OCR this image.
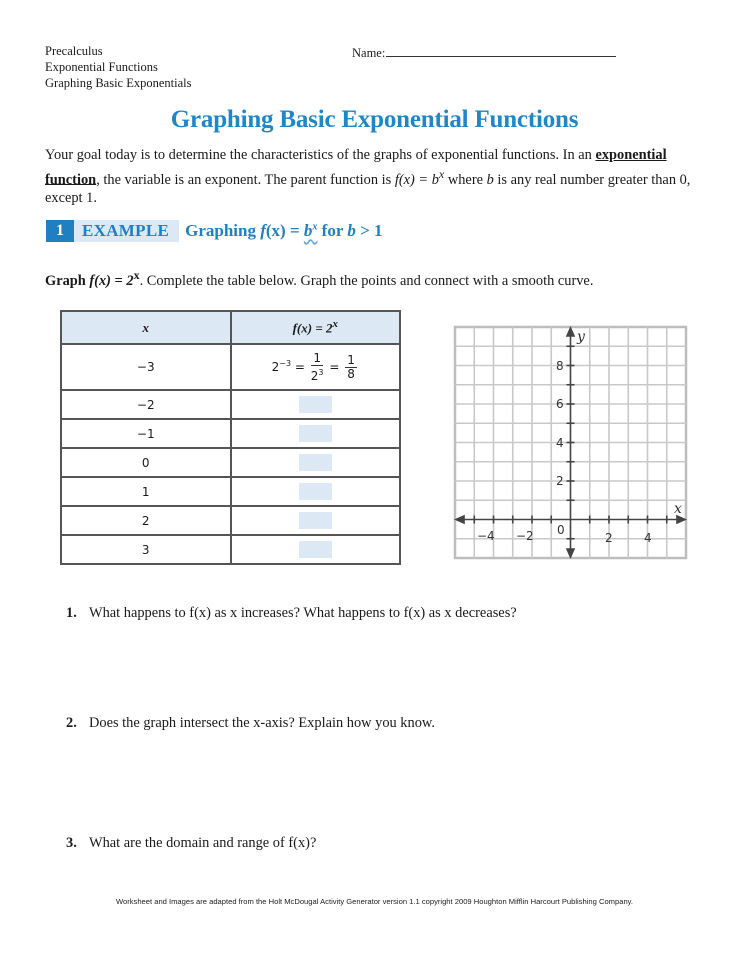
Precalculus
Exponential Functions
Graphing Basic Exponentials
Name:
Graphing Basic Exponential Functions
Your goal today is to determine the characteristics of the graphs of exponential functions. In an exponential function, the variable is an exponent. The parent function is $f(x) = b^x$ where b is any real number greater than 0, except 1.
1	EXAMPLE Graphing $f(x) = b^x$ for b > 1
Graph $f(x) = 2^x$. Complete the table below. Graph the points and connect with a smooth curve.
x	$f(x) = 2^x$
−3	$2^{-3} = \frac{1}{2^3} = \frac{1}{8}$

−2	
−1	
0	
1	
2	
3	
y
x
0
−4 −2	2	4
2
4
6
8
1. What happens to f(x) as x increases? What happens to f(x) as x decreases?
2. Does the graph intersect the x-axis? Explain how you know.
3. What are the domain and range of f(x)?
Worksheet and Images are adapted from the Holt McDougal Activity Generator version 1.1 copyright 2009 Houghton Mifflin Harcourt Publishing Company.
